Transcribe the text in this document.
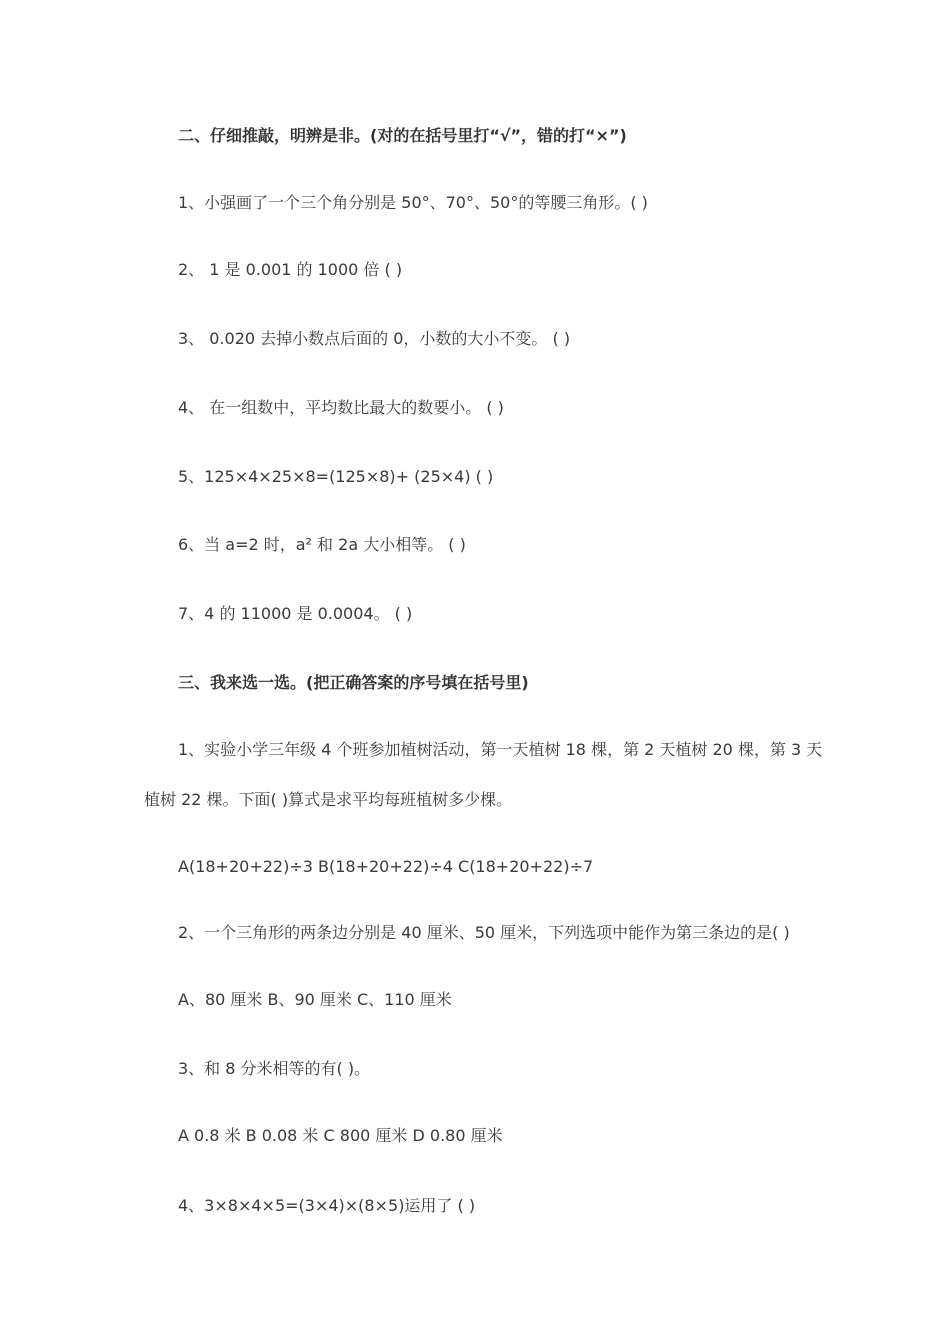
二、仔细推敲，明辨是非。(对的在括号里打“√”，错的打“×”)
1、小强画了一个三个角分别是 50°、70°、50°的等腰三角形。( )
2、 1 是 0.001 的 1000 倍 ( )
3、 0.020 去掉小数点后面的 0，小数的大小不变。 ( )
4、 在一组数中，平均数比最大的数要小。 ( )
5、125×4×25×8=(125×8)+ (25×4) ( )
6、当 a=2 时，a² 和 2a 大小相等。 ( )
7、4 的 11000 是 0.0004。 ( )
三、我来选一选。(把正确答案的序号填在括号里)
1、实验小学三年级 4 个班参加植树活动，第一天植树 18 棵，第 2 天植树 20 棵，第 3 天
植树 22 棵。下面( )算式是求平均每班植树多少棵。
A(18+20+22)÷3 B(18+20+22)÷4 C(18+20+22)÷7
2、一个三角形的两条边分别是 40 厘米、50 厘米，下列选项中能作为第三条边的是( )
A、80 厘米 B、90 厘米 C、110 厘米
3、和 8 分米相等的有( )。
A 0.8 米 B 0.08 米 C 800 厘米 D 0.80 厘米
4、3×8×4×5=(3×4)×(8×5)运用了 ( )
